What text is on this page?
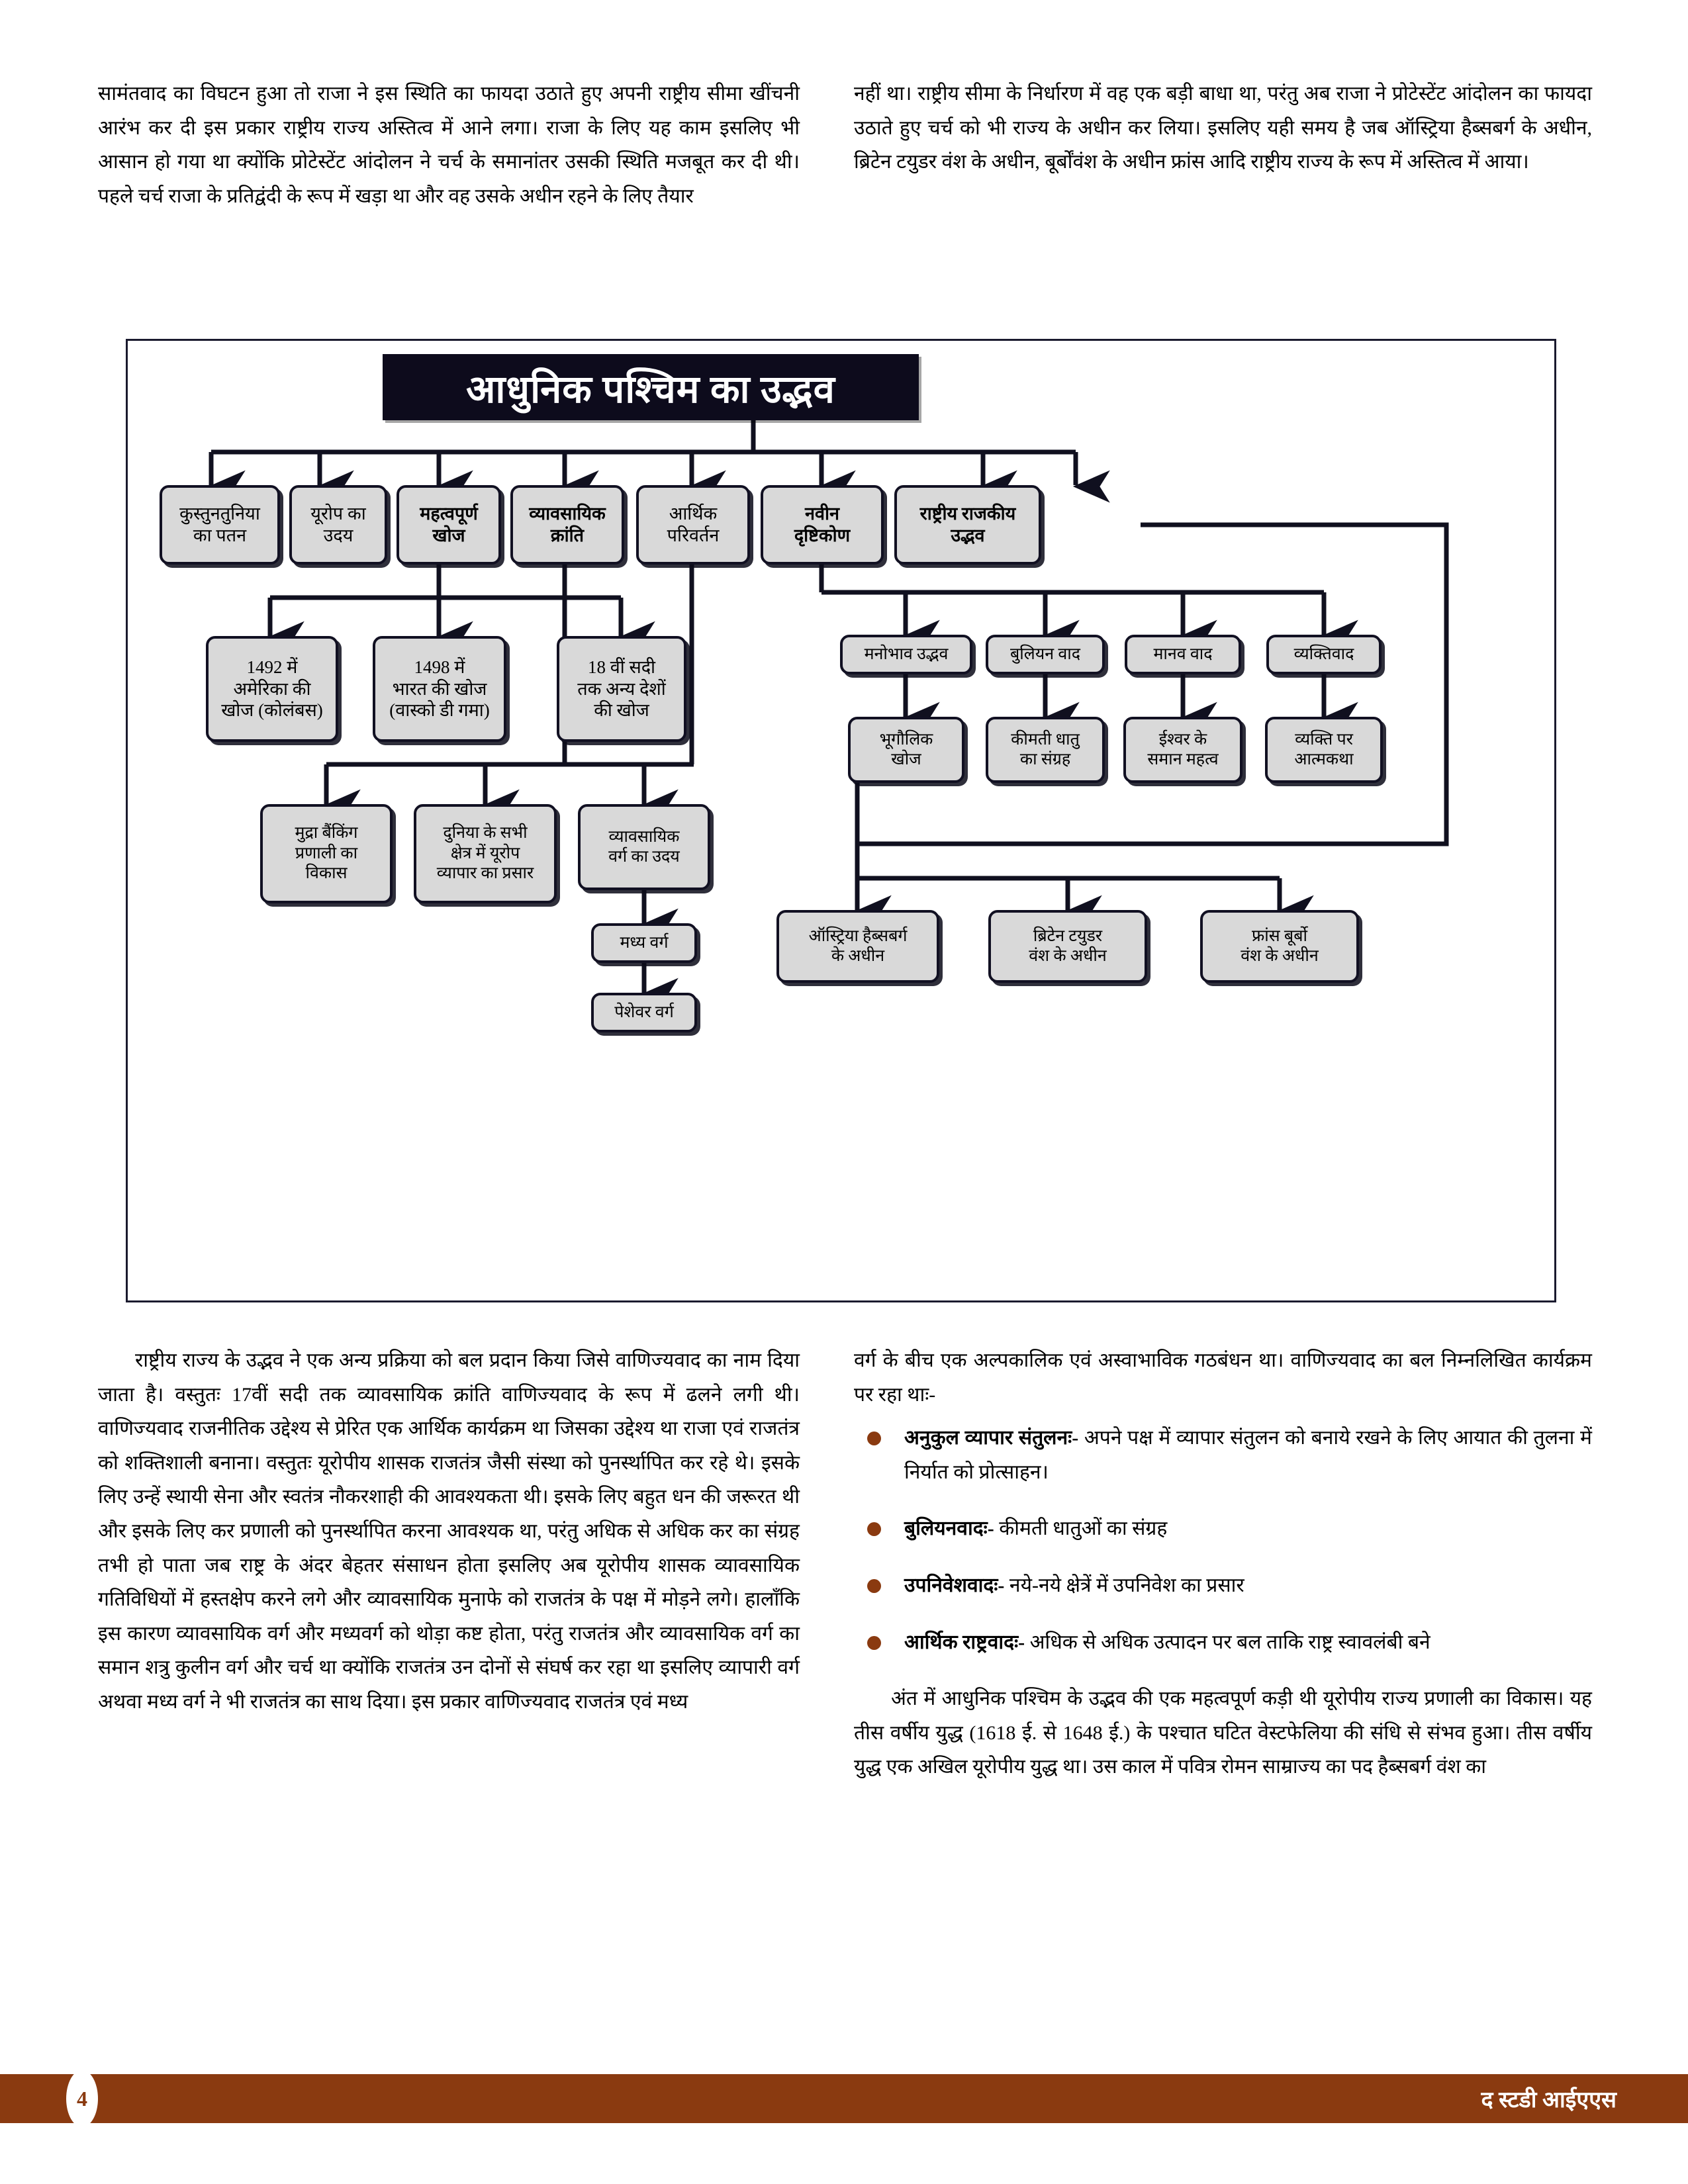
सामंतवाद का विघटन हुआ तो राजा ने इस स्थिति का फायदा उठाते हुए अपनी राष्ट्रीय सीमा खींचनी आरंभ कर दी इस प्रकार राष्ट्रीय राज्य अस्तित्व में आने लगा। राजा के लिए यह काम इसलिए भी आसान हो गया था क्योंकि प्रोटेस्टेंट आंदोलन ने चर्च के समानांतर उसकी स्थिति मजबूत कर दी थी। पहले चर्च राजा के प्रतिद्वंदी के रूप में खड़ा था और वह उसके अधीन रहने के लिए तैयार

नहीं था। राष्ट्रीय सीमा के निर्धारण में वह एक बड़ी बाधा था, परंतु अब राजा ने प्रोटेस्टेंट आंदोलन का फायदा उठाते हुए चर्च को भी राज्य के अधीन कर लिया। इसलिए यही समय है जब ऑस्ट्रिया हैब्सबर्ग के अधीन, ब्रिटेन टयुडर वंश के अधीन, बूर्बोंवंश के अधीन फ्रांस आदि राष्ट्रीय राज्य के रूप में अस्तित्व में आया।

आधुनिक पश्चिम का उद्भव
कुस्तुनतुनिया
का पतन
यूरोप का
उदय
महत्वपूर्ण
खोज
व्यावसायिक
क्रांति
आर्थिक
परिवर्तन
नवीन
दृष्टिकोण
राष्ट्रीय राजकीय
उद्भव
1492 में
अमेरिका की
खोज (कोलंबस)
1498 में
भारत की खोज
(वास्को डी गमा)
18 वीं सदी
तक अन्य देशों
की खोज
मनोभाव उद्भव	बुलियन वाद	मानव वाद	व्यक्तिवाद
भूगौलिक
खोज
कीमती धातु
का संग्रह
ईश्वर के
समान महत्व
व्यक्ति पर
आत्मकथा
मुद्रा बैंकिंग
प्रणाली का
विकास
दुनिया के सभी
क्षेत्र में यूरोप
व्यापार का प्रसार
व्यावसायिक
वर्ग का उदय
मध्य वर्ग
पेशेवर वर्ग
ऑस्ट्रिया हैब्सबर्ग
के अधीन
ब्रिटेन टयुडर
वंश के अधीन
फ्रांस बूर्बो
वंश के अधीन

राष्ट्रीय राज्य के उद्भव ने एक अन्य प्रक्रिया को बल प्रदान किया जिसे वाणिज्यवाद का नाम दिया जाता है। वस्तुतः 17वीं सदी तक व्यावसायिक क्रांति वाणिज्यवाद के रूप में ढलने लगी थी। वाणिज्यवाद राजनीतिक उद्देश्य से प्रेरित एक आर्थिक कार्यक्रम था जिसका उद्देश्य था राजा एवं राजतंत्र को शक्तिशाली बनाना। वस्तुतः यूरोपीय शासक राजतंत्र जैसी संस्था को पुनर्स्थापित कर रहे थे। इसके लिए उन्हें स्थायी सेना और स्वतंत्र नौकरशाही की आवश्यकता थी। इसके लिए बहुत धन की जरूरत थी और इसके लिए कर प्रणाली को पुनर्स्थापित करना आवश्यक था, परंतु अधिक से अधिक कर का संग्रह तभी हो पाता जब राष्ट्र के अंदर बेहतर संसाधन होता इसलिए अब यूरोपीय शासक व्यावसायिक गतिविधियों में हस्तक्षेप करने लगे और व्यावसायिक मुनाफे को राजतंत्र के पक्ष में मोड़ने लगे। हालाँकि इस कारण व्यावसायिक वर्ग और मध्यवर्ग को थोड़ा कष्ट होता, परंतु राजतंत्र और व्यावसायिक वर्ग का समान शत्रु कुलीन वर्ग और चर्च था क्योंकि राजतंत्र उन दोनों से संघर्ष कर रहा था इसलिए व्यापारी वर्ग अथवा मध्य वर्ग ने भी राजतंत्र का साथ दिया। इस प्रकार वाणिज्यवाद राजतंत्र एवं मध्य

वर्ग के बीच एक अल्पकालिक एवं अस्वाभाविक गठबंधन था। वाणिज्यवाद का बल निम्नलिखित कार्यक्रम पर रहा थाः-

अनुकुल व्यापार संतुलनः- अपने पक्ष में व्यापार संतुलन को बनाये रखने के लिए आयात की तुलना में निर्यात को प्रोत्साहन।
बुलियनवादः- कीमती धातुओं का संग्रह
उपनिवेशवादः- नये-नये क्षेत्रें में उपनिवेश का प्रसार
आर्थिक राष्ट्रवादः- अधिक से अधिक उत्पादन पर बल ताकि राष्ट्र स्वावलंबी बने

अंत में आधुनिक पश्चिम के उद्भव की एक महत्वपूर्ण कड़ी थी यूरोपीय राज्य प्रणाली का विकास। यह तीस वर्षीय युद्ध (1618 ई. से 1648 ई.) के पश्चात घटित वेस्टफेलिया की संधि से संभव हुआ। तीस वर्षीय युद्ध एक अखिल यूरोपीय युद्ध था। उस काल में पवित्र रोमन साम्राज्य का पद हैब्सबर्ग वंश का

4	द स्टडी आईएएस
